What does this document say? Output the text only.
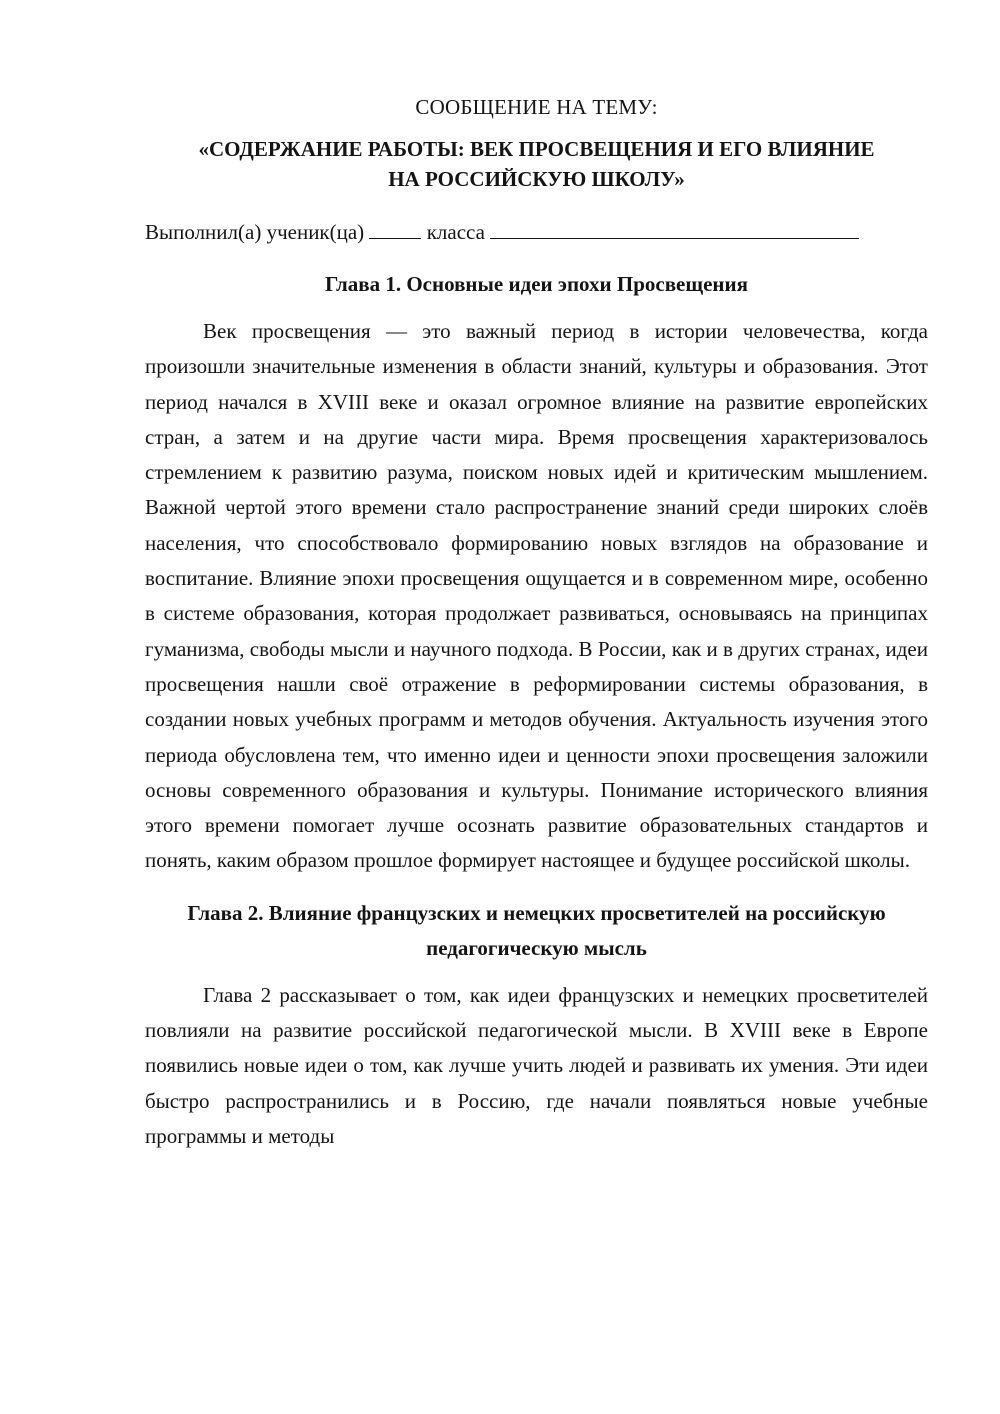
СООБЩЕНИЕ НА ТЕМУ:

«СОДЕРЖАНИЕ РАБОТЫ: ВЕК ПРОСВЕЩЕНИЯ И ЕГО ВЛИЯНИЕ
НА РОССИЙСКУЮ ШКОЛУ»

Выполнил(а) ученик(ца)	класса

Глава 1. Основные идеи эпохи Просвещения

Век просвещения — это важный период в истории человечества, когда произошли значительные изменения в области знаний, культуры и образования. Этот период начался в XVIII веке и оказал огромное влияние на развитие европейских стран, а затем и на другие части мира. Время просвещения характеризовалось стремлением к развитию разума, поиском новых идей и критическим мышлением. Важной чертой этого времени стало распространение знаний среди широких слоёв населения, что способствовало формированию новых взглядов на образование и воспитание. Влияние эпохи просвещения ощущается и в современном мире, особенно в системе образования, которая продолжает развиваться, основываясь на принципах гуманизма, свободы мысли и научного подхода. В России, как и в других странах, идеи просвещения нашли своё отражение в реформировании системы образования, в создании новых учебных программ и методов обучения. Актуальность изучения этого периода обусловлена тем, что именно идеи и ценности эпохи просвещения заложили основы современного образования и культуры. Понимание исторического влияния этого времени помогает лучше осознать развитие образовательных стандартов и понять, каким образом прошлое формирует настоящее и будущее российской школы.

Глава 2. Влияние французских и немецких просветителей на российскую
педагогическую мысль

Глава 2 рассказывает о том, как идеи французских и немецких просветителей повлияли на развитие российской педагогической мысли. В XVIII веке в Европе появились новые идеи о том, как лучше учить людей и развивать их умения. Эти идеи быстро распространились и в Россию, где начали появляться новые учебные программы и методы
